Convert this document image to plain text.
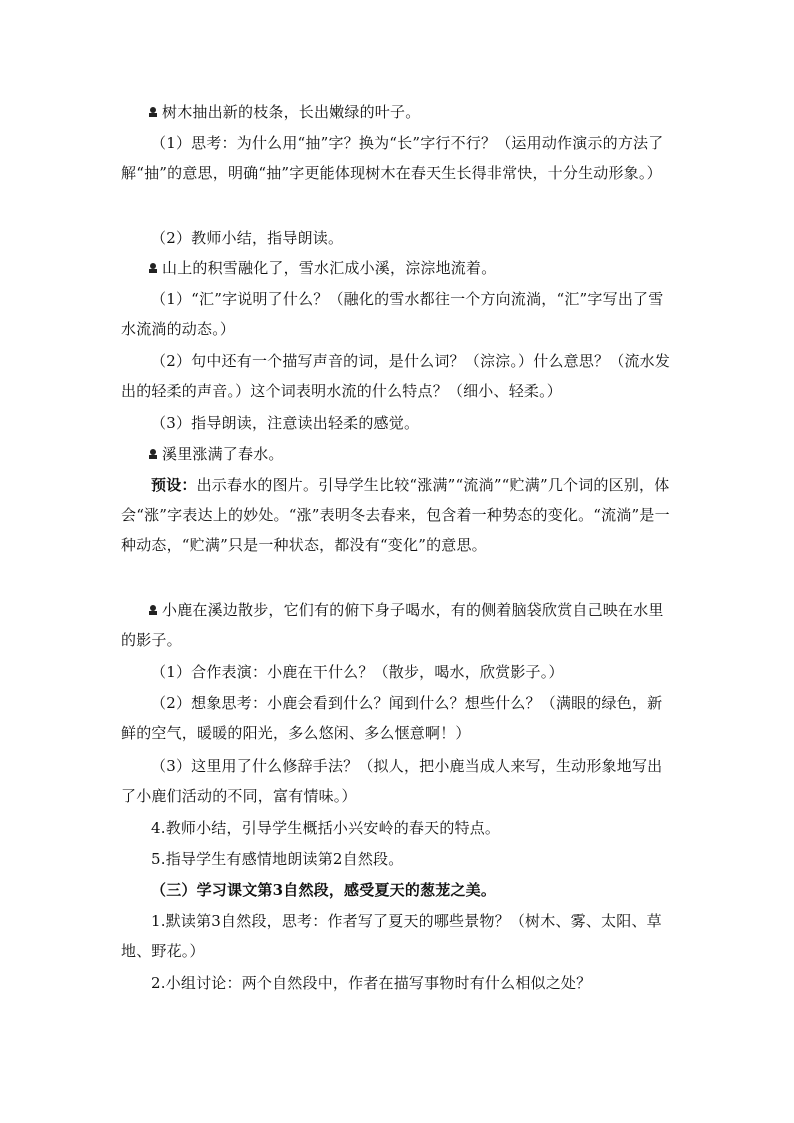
树木抽出新的枝条，长出嫩绿的叶子。

（1）思考：为什么用“抽”字？换为“长”字行不行？（运用动作演示的方法了解“抽”的意思，明确“抽”字更能体现树木在春天生长得非常快，十分生动形象。）

（2）教师小结，指导朗读。

山上的积雪融化了，雪水汇成小溪，淙淙地流着。

（1）“汇”字说明了什么？（融化的雪水都往一个方向流淌，“汇”字写出了雪水流淌的动态。）

（2）句中还有一个描写声音的词，是什么词？（淙淙。）什么意思？（流水发出的轻柔的声音。）这个词表明水流的什么特点？（细小、轻柔。）

（3）指导朗读，注意读出轻柔的感觉。

溪里涨满了春水。

预设：出示春水的图片。引导学生比较“涨满”“流淌”“贮满”几个词的区别，体会“涨”字表达上的妙处。“涨”表明冬去春来，包含着一种势态的变化。“流淌”是一种动态，“贮满”只是一种状态，都没有“变化”的意思。

小鹿在溪边散步，它们有的俯下身子喝水，有的侧着脑袋欣赏自己映在水里的影子。

（1）合作表演：小鹿在干什么？（散步，喝水，欣赏影子。）

（2）想象思考：小鹿会看到什么？闻到什么？想些什么？（满眼的绿色，新鲜的空气，暖暖的阳光，多么悠闲、多么惬意啊！）

（3）这里用了什么修辞手法？（拟人，把小鹿当成人来写，生动形象地写出了小鹿们活动的不同，富有情味。）

4.教师小结，引导学生概括小兴安岭的春天的特点。

5.指导学生有感情地朗读第2自然段。

（三）学习课文第3自然段，感受夏天的葱茏之美。

1.默读第3自然段，思考：作者写了夏天的哪些景物？（树木、雾、太阳、草地、野花。）

2.小组讨论：两个自然段中，作者在描写事物时有什么相似之处？
